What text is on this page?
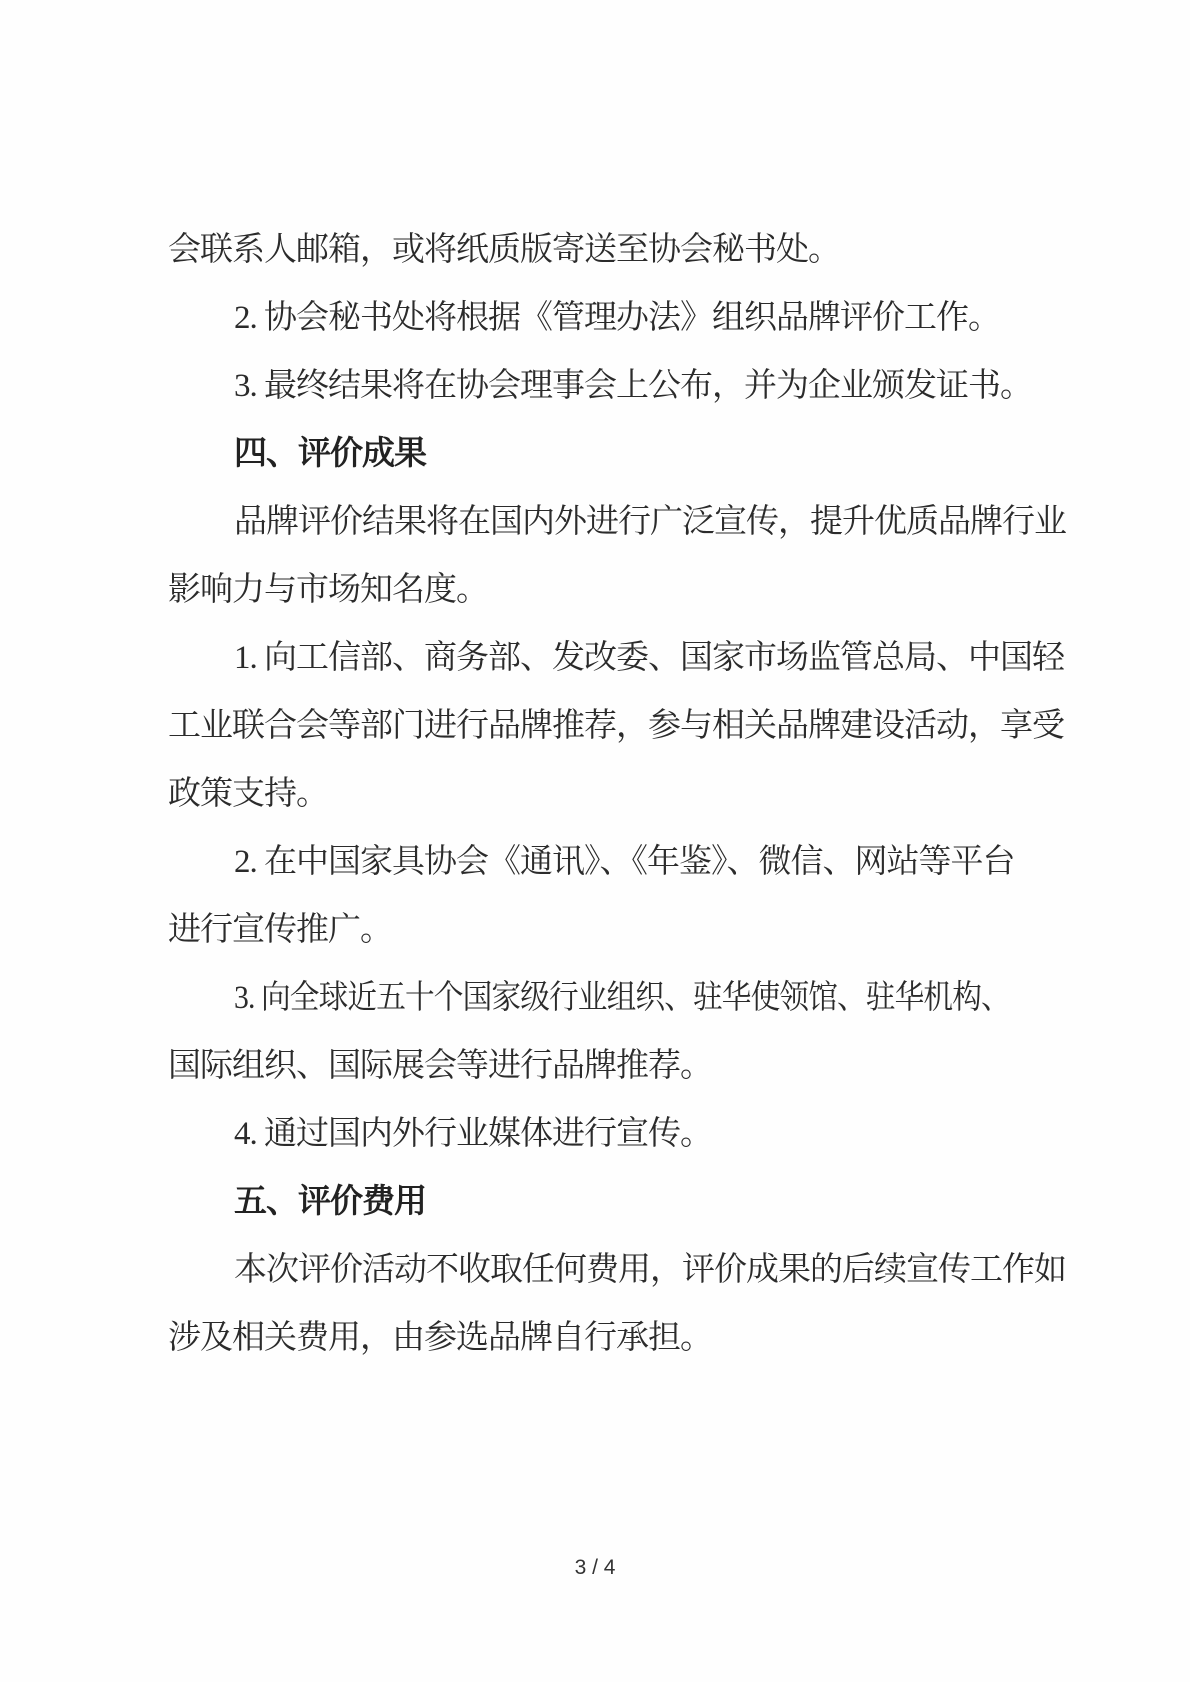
会联系人邮箱，或将纸质版寄送至协会秘书处。
2. 协会秘书处将根据《管理办法》组织品牌评价工作。
3. 最终结果将在协会理事会上公布，并为企业颁发证书。
四、评价成果
品牌评价结果将在国内外进行广泛宣传，提升优质品牌行业
影响力与市场知名度。
1. 向工信部、商务部、发改委、国家市场监管总局、中国轻
工业联合会等部门进行品牌推荐，参与相关品牌建设活动，享受
政策支持。
2. 在中国家具协会《通讯》、《年鉴》、微信、网站等平台
进行宣传推广。
3. 向全球近五十个国家级行业组织、驻华使领馆、驻华机构、
国际组织、国际展会等进行品牌推荐。
4. 通过国内外行业媒体进行宣传。
五、评价费用
本次评价活动不收取任何费用，评价成果的后续宣传工作如
涉及相关费用，由参选品牌自行承担。
3 / 4
